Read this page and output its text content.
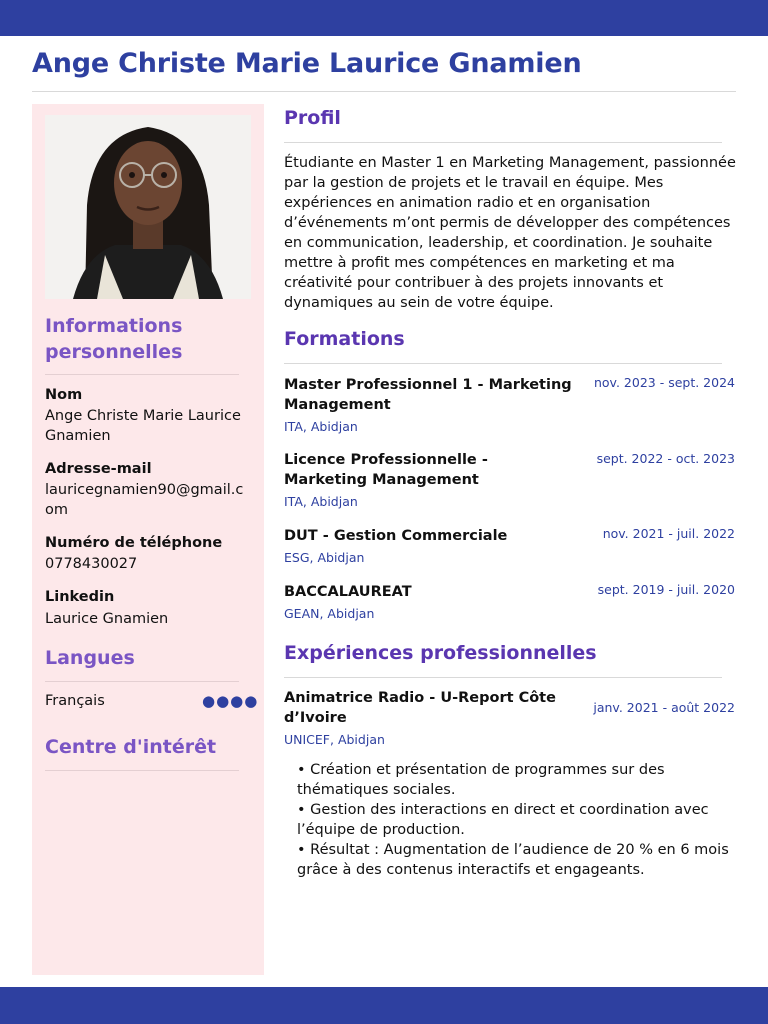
Ange Christe Marie Laurice Gnamien
Informations personnelles
Nom
Ange Christe Marie Laurice Gnamien
Adresse-mail
lauricegnamien90@gmail.com
Numéro de téléphone
0778430027
Linkedin
Laurice Gnamien
Langues
Français	●●●●
Centre d'intérêt
Profil
Étudiante en Master 1 en Marketing Management, passionnée par la gestion de projets et le travail en équipe. Mes expériences en animation radio et en organisation d’événements m’ont permis de développer des compétences en communication, leadership, et coordination. Je souhaite mettre à profit mes compétences en marketing et ma créativité pour contribuer à des projets innovants et dynamiques au sein de votre équipe.
Formations
Master Professionnel 1 - Marketing Management
nov. 2023 - sept. 2024
ITA, Abidjan
Licence Professionnelle - Marketing Management
sept. 2022 - oct. 2023
ITA, Abidjan
DUT - Gestion Commerciale	nov. 2021 - juil. 2022
ESG, Abidjan
BACCALAUREAT	sept. 2019 - juil. 2020
GEAN, Abidjan
Expériences professionnelles
Animatrice Radio - U-Report Côte d’Ivoire
janv. 2021 - août 2022
UNICEF, Abidjan
• Création et présentation de programmes sur des thématiques sociales.
• Gestion des interactions en direct et coordination avec l’équipe de production.
• Résultat : Augmentation de l’audience de 20 % en 6 mois grâce à des contenus interactifs et engageants.
